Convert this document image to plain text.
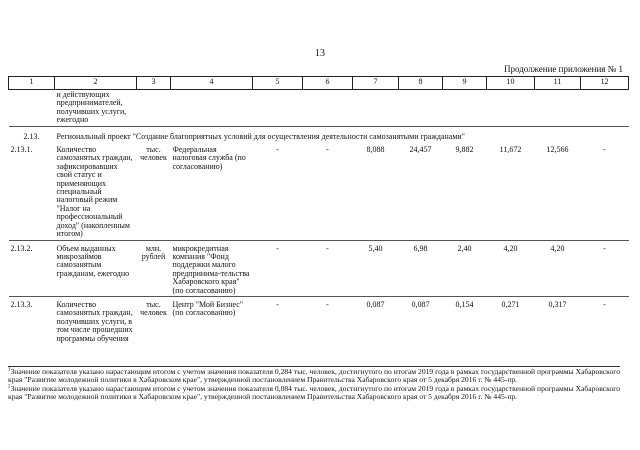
13
Продолжение приложения № 1
1	2	3	4	5	6	7	8	9	10	11	12
	и действующих предпринимателей, получивших услуги, ежегодно										
2.13.	Региональный проект "Создание благоприятных условий для осуществления деятельности самозанятыми гражданами"										
2.13.1.	Количество самозанятых граждан, зафиксировавших свой статус и применяющих специальный налоговый режим "Налог на профессиональный доход" (накопленным итогом)	тыс. человек	Федеральная налоговая служба (по согласованию)	-	-	8,088	24,457	9,882	11,672	12,566	-
2.13.2.	Объем выданных микрозаймов самозанятым гражданам, ежегодно	млн. рублей	микрокредитная компания "Фонд поддержки малого предпринима-тельства Хабаровского края" (по согласованию)	-	-	5,40	6,98	2,40	4,20	4,20	-
2.13.3.	Количество самозанятых граждан, получивших услуги, в том числе прошедших программы обучения	тыс. человек	Центр "Мой Бизнес" (по согласованию)	-	-	0,087	0,087	0,154	0,271	0,317	-
$^1$Значение показателя указано нарастающим итогом с учетом значения показателя 0,284 тыс. человек, достигнутого по итогам 2019 года в рамках государственной программы Хабаровского края "Развитие молодежной политики в Хабаровском крае", утвержденной постановлением Правительства Хабаровского края от 5 декабря 2016 г. № 445-пр.
$^2$Значение показателя указано нарастающим итогом с учетом значения показателя 0,084 тыс. человек, достигнутого по итогам 2019 года в рамках государственной программы Хабаровского края "Развитие молодежной политики в Хабаровском крае", утвержденной постановлением Правительства Хабаровского края от 5 декабря 2016 г. № 445-пр.
